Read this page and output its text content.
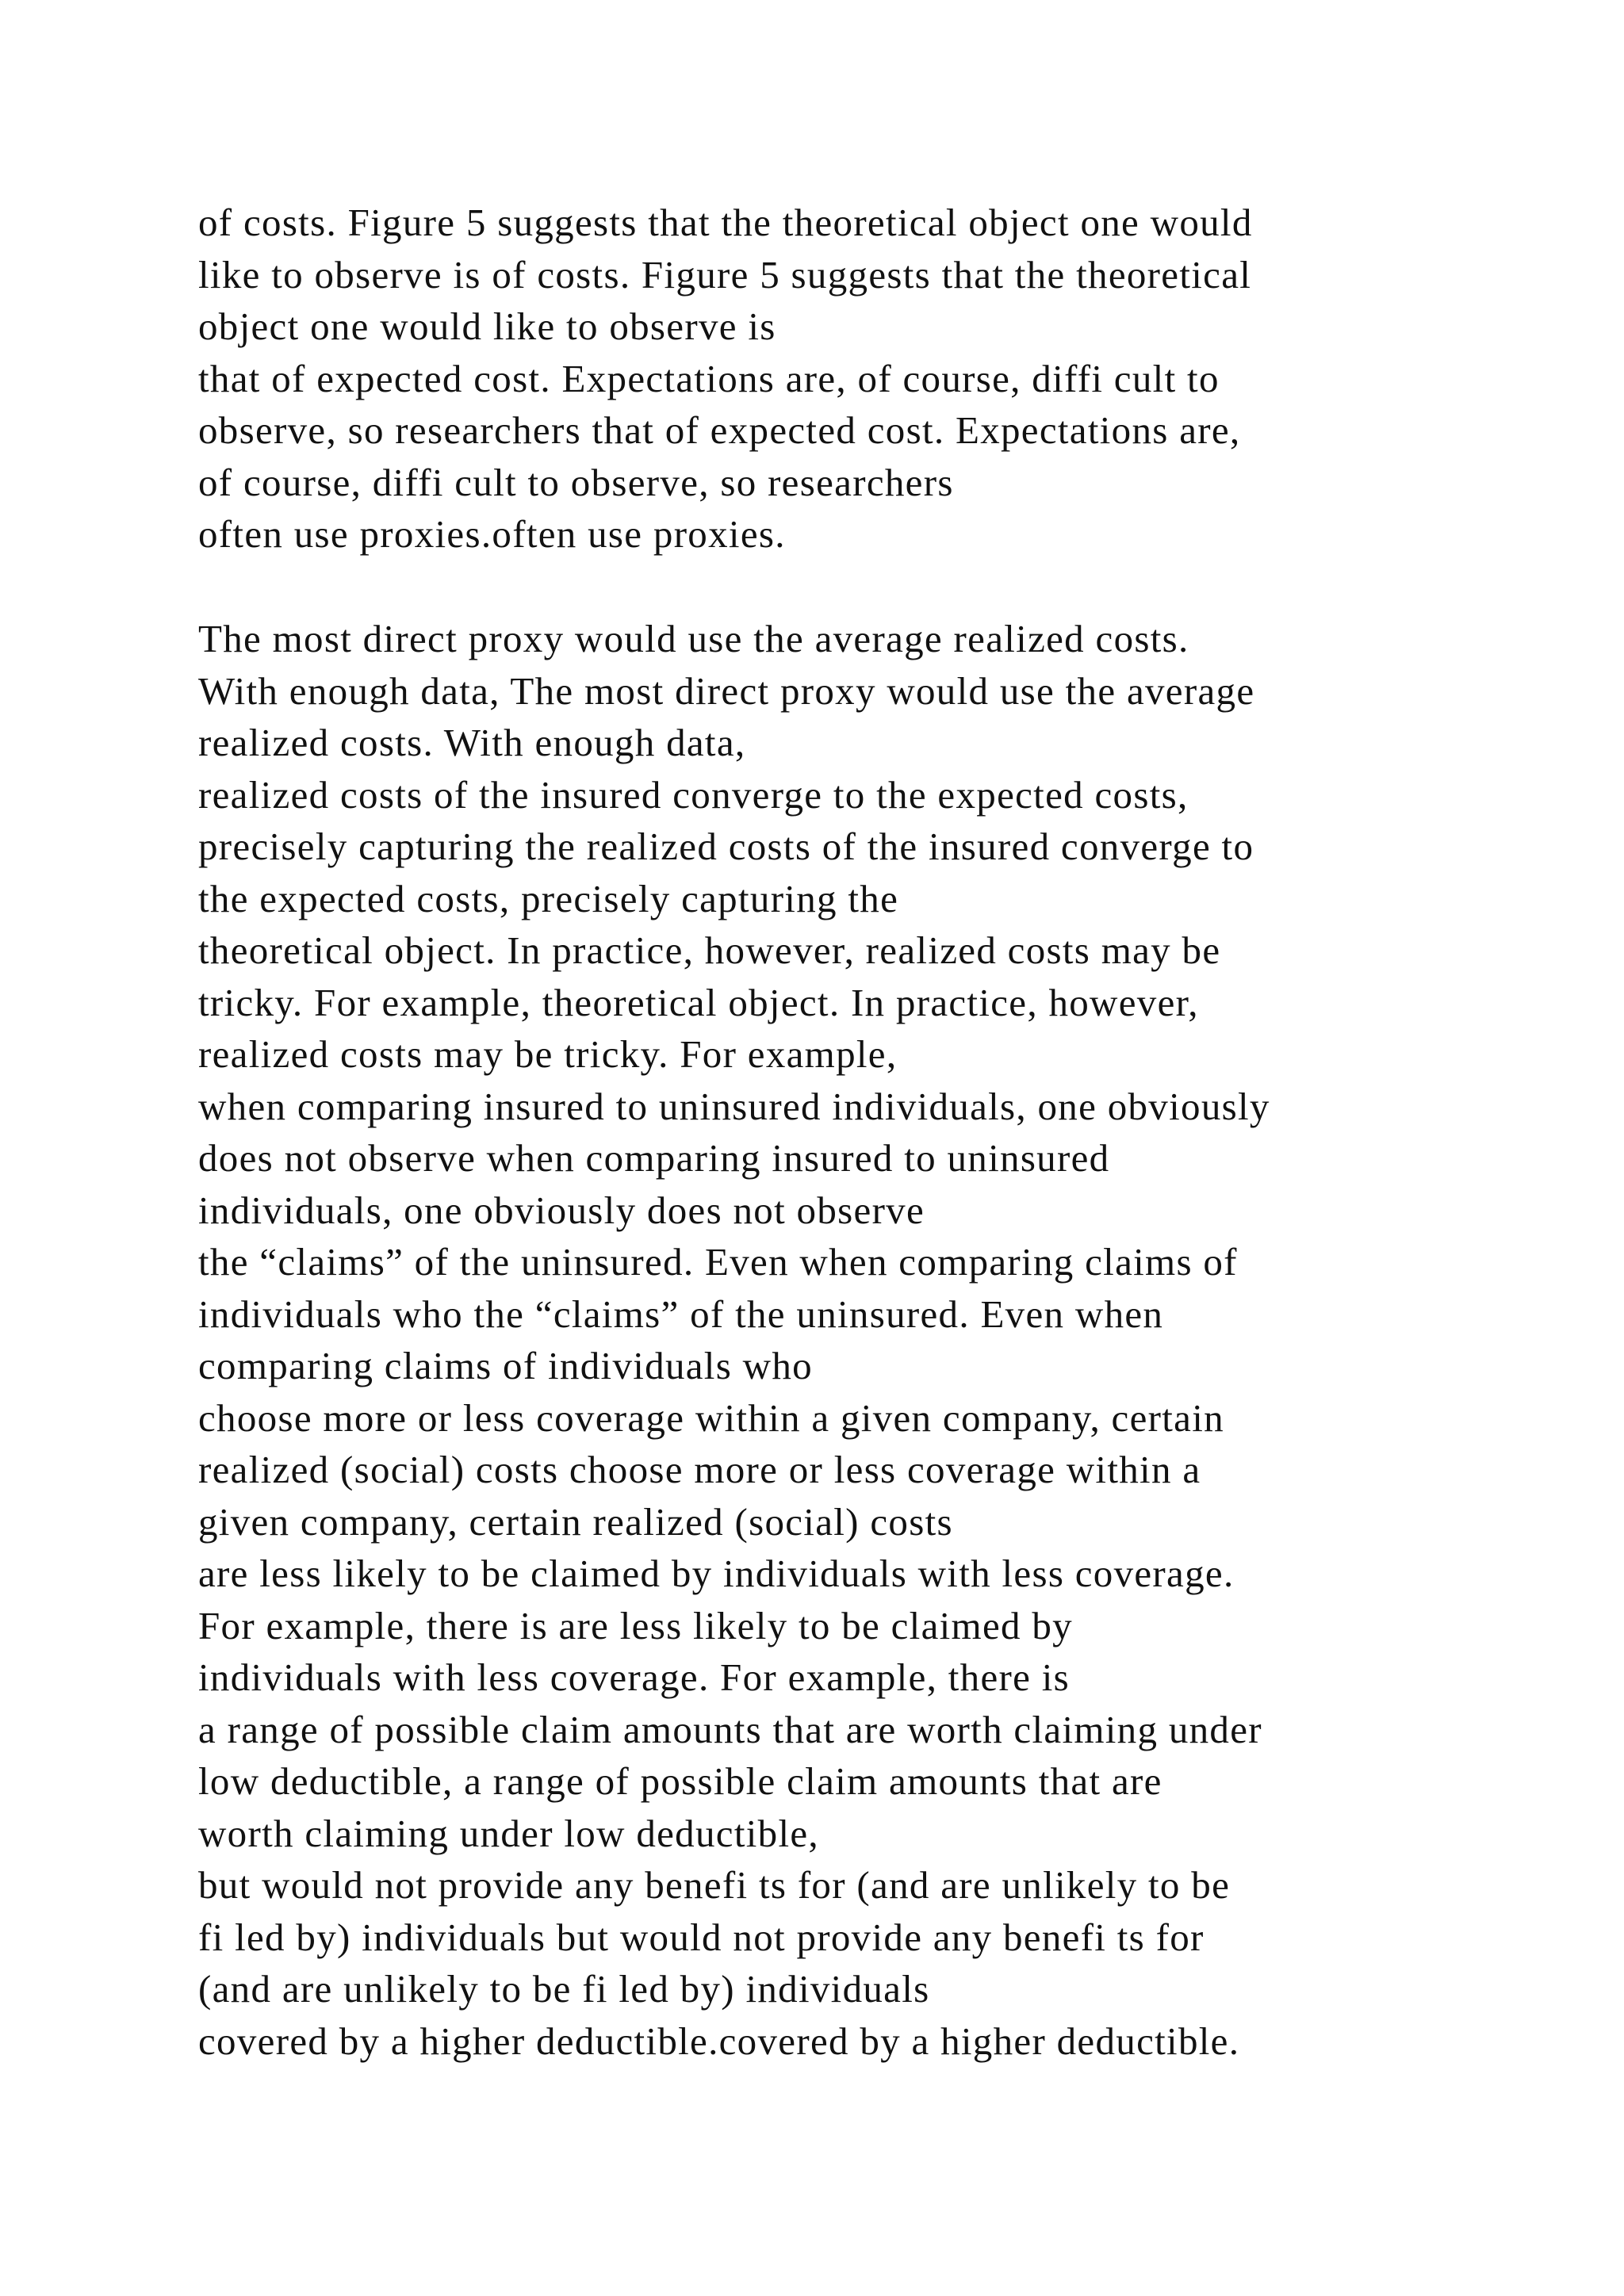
of costs. Figure 5 suggests that the theoretical object one would
like to observe is of costs. Figure 5 suggests that the theoretical
object one would like to observe is
that of expected cost. Expectations are, of course, diffi cult to
observe, so researchers that of expected cost. Expectations are,
of course, diffi cult to observe, so researchers
often use proxies.often use proxies.
The most direct proxy would use the average realized costs.
With enough data, The most direct proxy would use the average
realized costs. With enough data,
realized costs of the insured converge to the expected costs,
precisely capturing the realized costs of the insured converge to
the expected costs, precisely capturing the
theoretical object. In practice, however, realized costs may be
tricky. For example, theoretical object. In practice, however,
realized costs may be tricky. For example,
when comparing insured to uninsured individuals, one obviously
does not observe when comparing insured to uninsured
individuals, one obviously does not observe
the “claims” of the uninsured. Even when comparing claims of
individuals who the “claims” of the uninsured. Even when
comparing claims of individuals who
choose more or less coverage within a given company, certain
realized (social) costs choose more or less coverage within a
given company, certain realized (social) costs
are less likely to be claimed by individuals with less coverage.
For example, there is are less likely to be claimed by
individuals with less coverage. For example, there is
a range of possible claim amounts that are worth claiming under
low deductible, a range of possible claim amounts that are
worth claiming under low deductible,
but would not provide any benefi ts for (and are unlikely to be
fi led by) individuals but would not provide any benefi ts for
(and are unlikely to be fi led by) individuals
covered by a higher deductible.covered by a higher deductible.
